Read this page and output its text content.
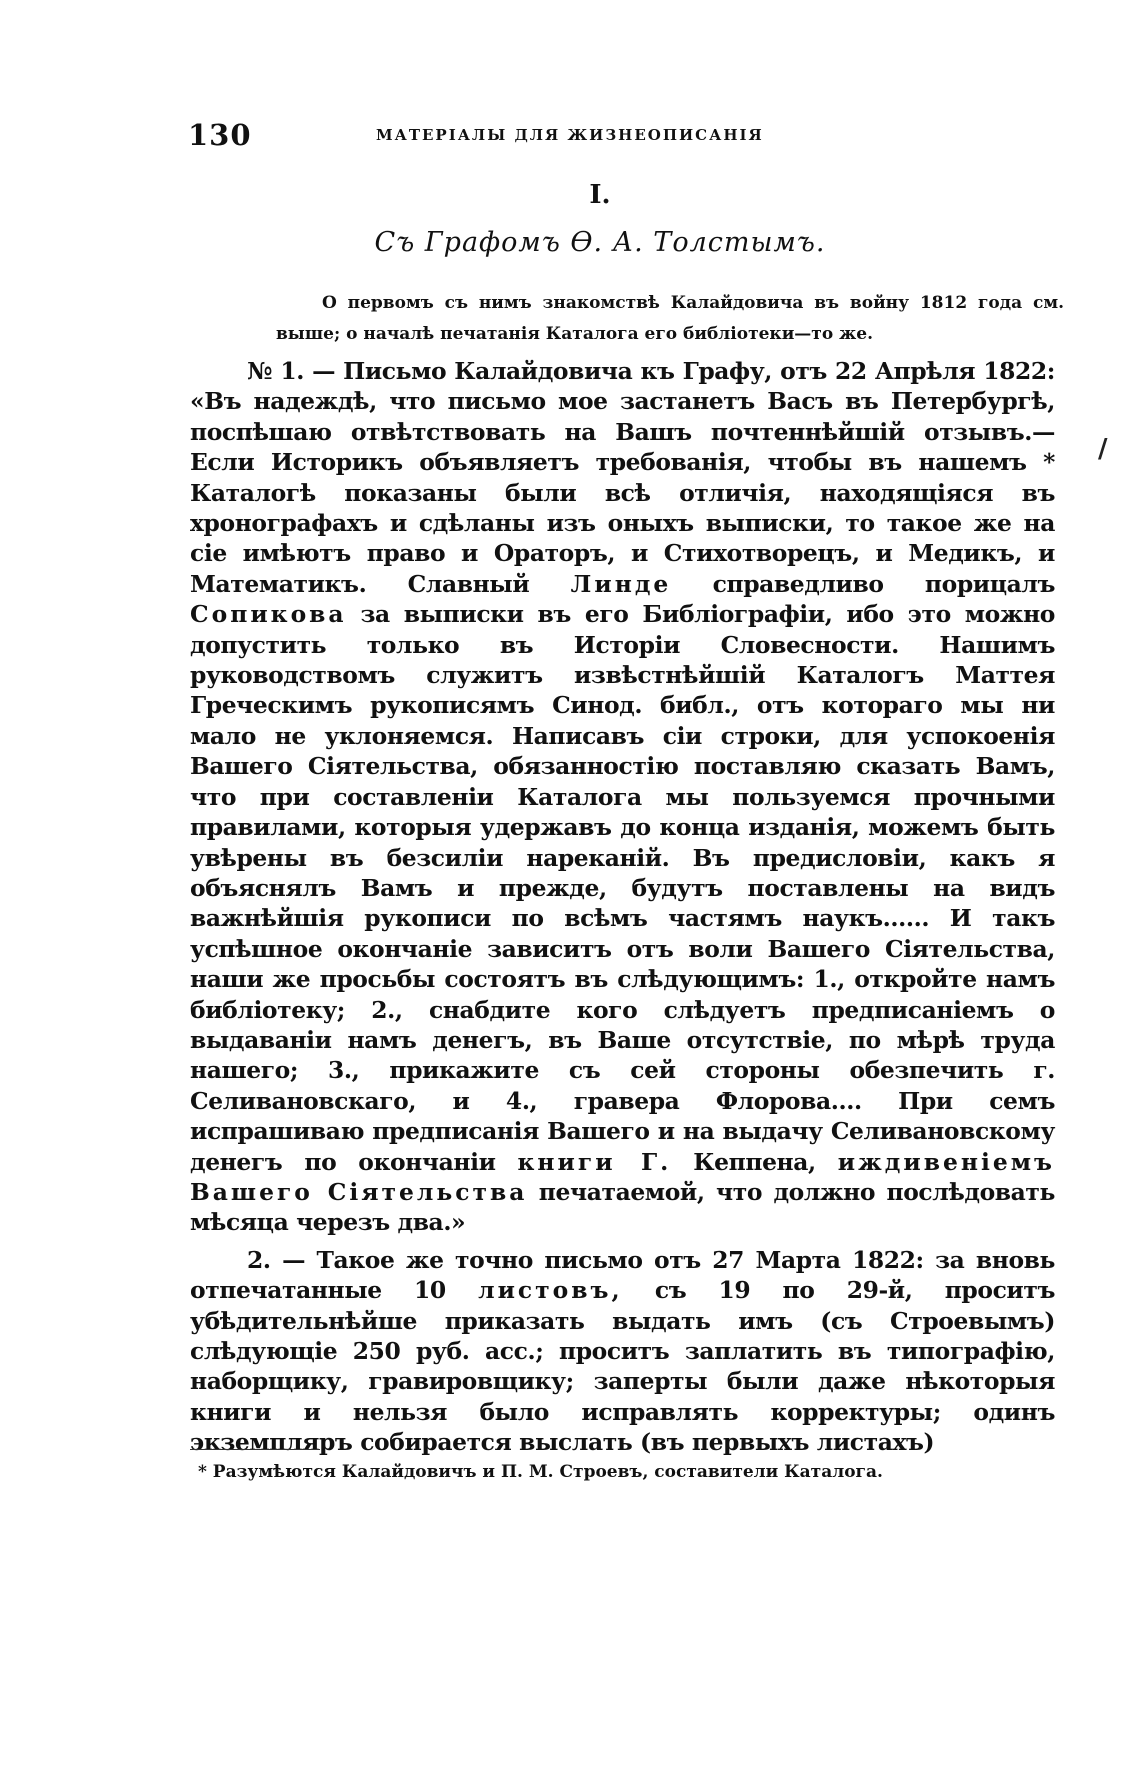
130	МАТЕРІАЛЫ ДЛЯ ЖИЗНЕОПИСАНІЯ
I.
Съ Графомъ Ѳ. А. Толстымъ.
О первомъ съ нимъ знакомствѣ Калайдовича въ войну 1812 года см. выше; о началѣ печатанія Каталога его библіотеки—то же.

№ 1. — Письмо Калайдовича къ Графу, отъ 22 Апрѣля 1822: «Въ надеждѣ, что письмо мое застанетъ Васъ въ Петербургѣ, поспѣшаю отвѣтствовать на Вашъ почтеннѣйшій отзывъ.—Если Историкъ объявляетъ требованія, чтобы въ нашемъ * Каталогѣ показаны были всѣ отличія, находящіяся въ хронографахъ и сдѣланы изъ оныхъ выписки, то такое же на сіе имѣютъ право и Ораторъ, и Стихотворецъ, и Медикъ, и Математикъ. Славный Линде справедливо порицалъ Сопикова за выписки въ его Библіографіи, ибо это можно допустить только въ Исторіи Словесности. Нашимъ руководствомъ служитъ извѣстнѣйшій Каталогъ Маттея Греческимъ рукописямъ Синод. библ., отъ котораго мы ни мало не уклоняемся. Написавъ сіи строки, для успокоенія Вашего Сіятельства, обязанностію поставляю сказать Вамъ, что при составленіи Каталога мы пользуемся прочными правилами, которыя удержавъ до конца изданія, можемъ быть увѣрены въ безсиліи нареканій. Въ предисловіи, какъ я объяснялъ Вамъ и прежде, будутъ поставлены на видъ важнѣйшія рукописи по всѣмъ частямъ наукъ...... И такъ успѣшное окончаніе зависитъ отъ воли Вашего Сіятельства, наши же просьбы состоятъ въ слѣдующимъ: 1., откройте намъ библіотеку; 2., снабдите кого слѣдуетъ предписаніемъ о выдаваніи намъ денегъ, въ Ваше отсутствіе, по мѣрѣ труда нашего; 3., прикажите съ сей стороны обезпечить г. Селивановскаго, и 4., гравера Флорова.... При семъ испрашиваю предписанія Вашего и на выдачу Селивановскому денегъ по окончаніи книги Г. Кеппена, иждивеніемъ Вашего Сіятельства печатаемой, что должно послѣдовать мѣсяца черезъ два.»

2. — Такое же точно письмо отъ 27 Марта 1822: за вновь отпечатанные 10 листовъ, съ 19 по 29-й, проситъ убѣдительнѣйше приказать выдать имъ (съ Строевымъ) слѣдующіе 250 руб. асс.; проситъ заплатить въ типографію, наборщику, гравировщику; заперты были даже нѣкоторыя книги и нельзя было исправлять корректуры; одинъ экземпляръ собирается выслать (въ первыхъ листахъ)

* Разумѣются Калайдовичъ и П. М. Строевъ, составители Каталога.
/
